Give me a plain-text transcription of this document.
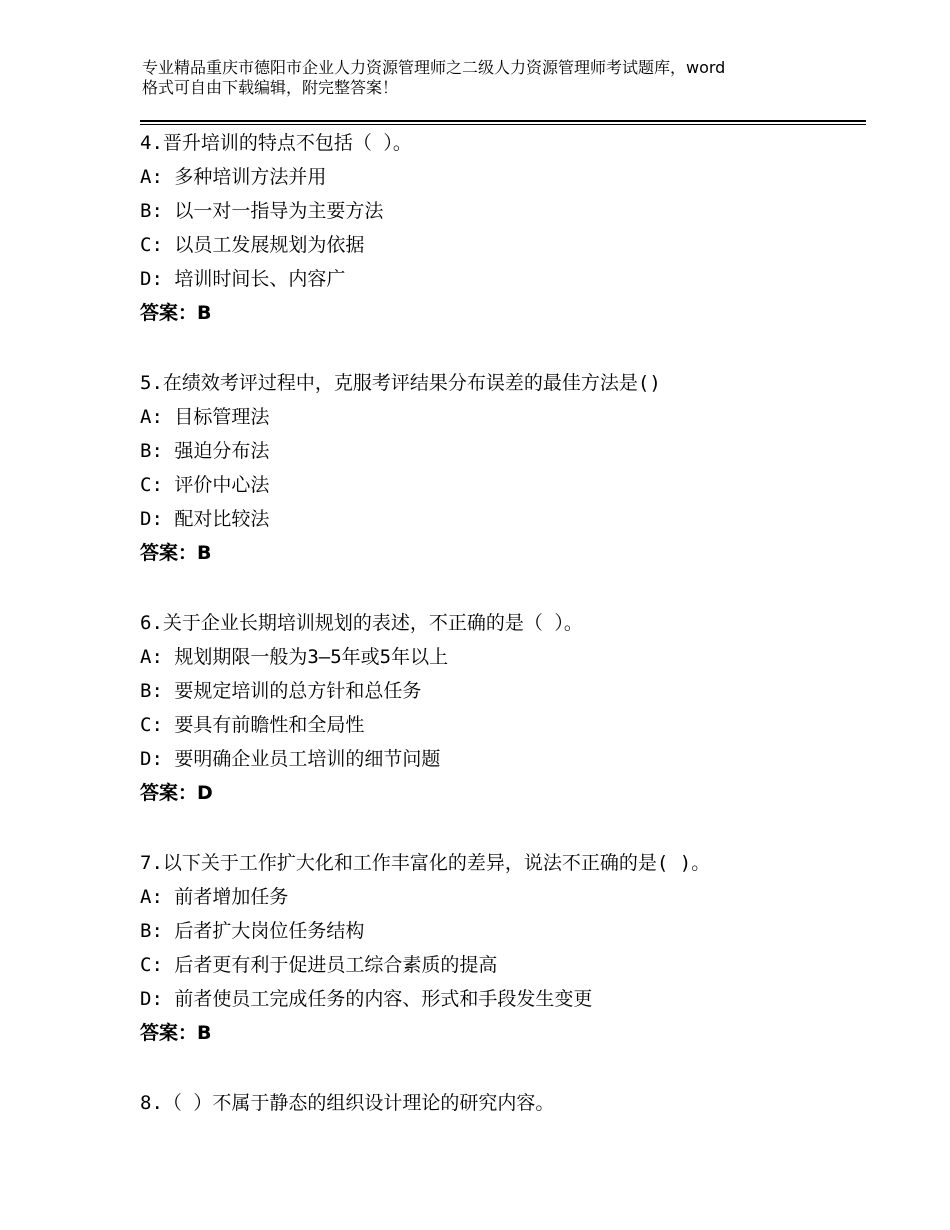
专业精品重庆市德阳市企业人力资源管理师之二级人力资源管理师考试题库，word
格式可自由下载编辑，附完整答案！
4.晋升培训的特点不包括（ ）。
A: 多种培训方法并用
B: 以一对一指导为主要方法
C: 以员工发展规划为依据
D: 培训时间长、内容广
答案：B
5.在绩效考评过程中，克服考评结果分布误差的最佳方法是()
A: 目标管理法
B: 强迫分布法
C: 评价中心法
D: 配对比较法
答案：B
6.关于企业长期培训规划的表述，不正确的是（ ）。
A: 规划期限一般为3—5年或5年以上
B: 要规定培训的总方针和总任务
C: 要具有前瞻性和全局性
D: 要明确企业员工培训的细节问题
答案：D
7.以下关于工作扩大化和工作丰富化的差异，说法不正确的是( )。
A: 前者增加任务
B: 后者扩大岗位任务结构
C: 后者更有利于促进员工综合素质的提高
D: 前者使员工完成任务的内容、形式和手段发生变更
答案：B
8.（ ）不属于静态的组织设计理论的研究内容。
